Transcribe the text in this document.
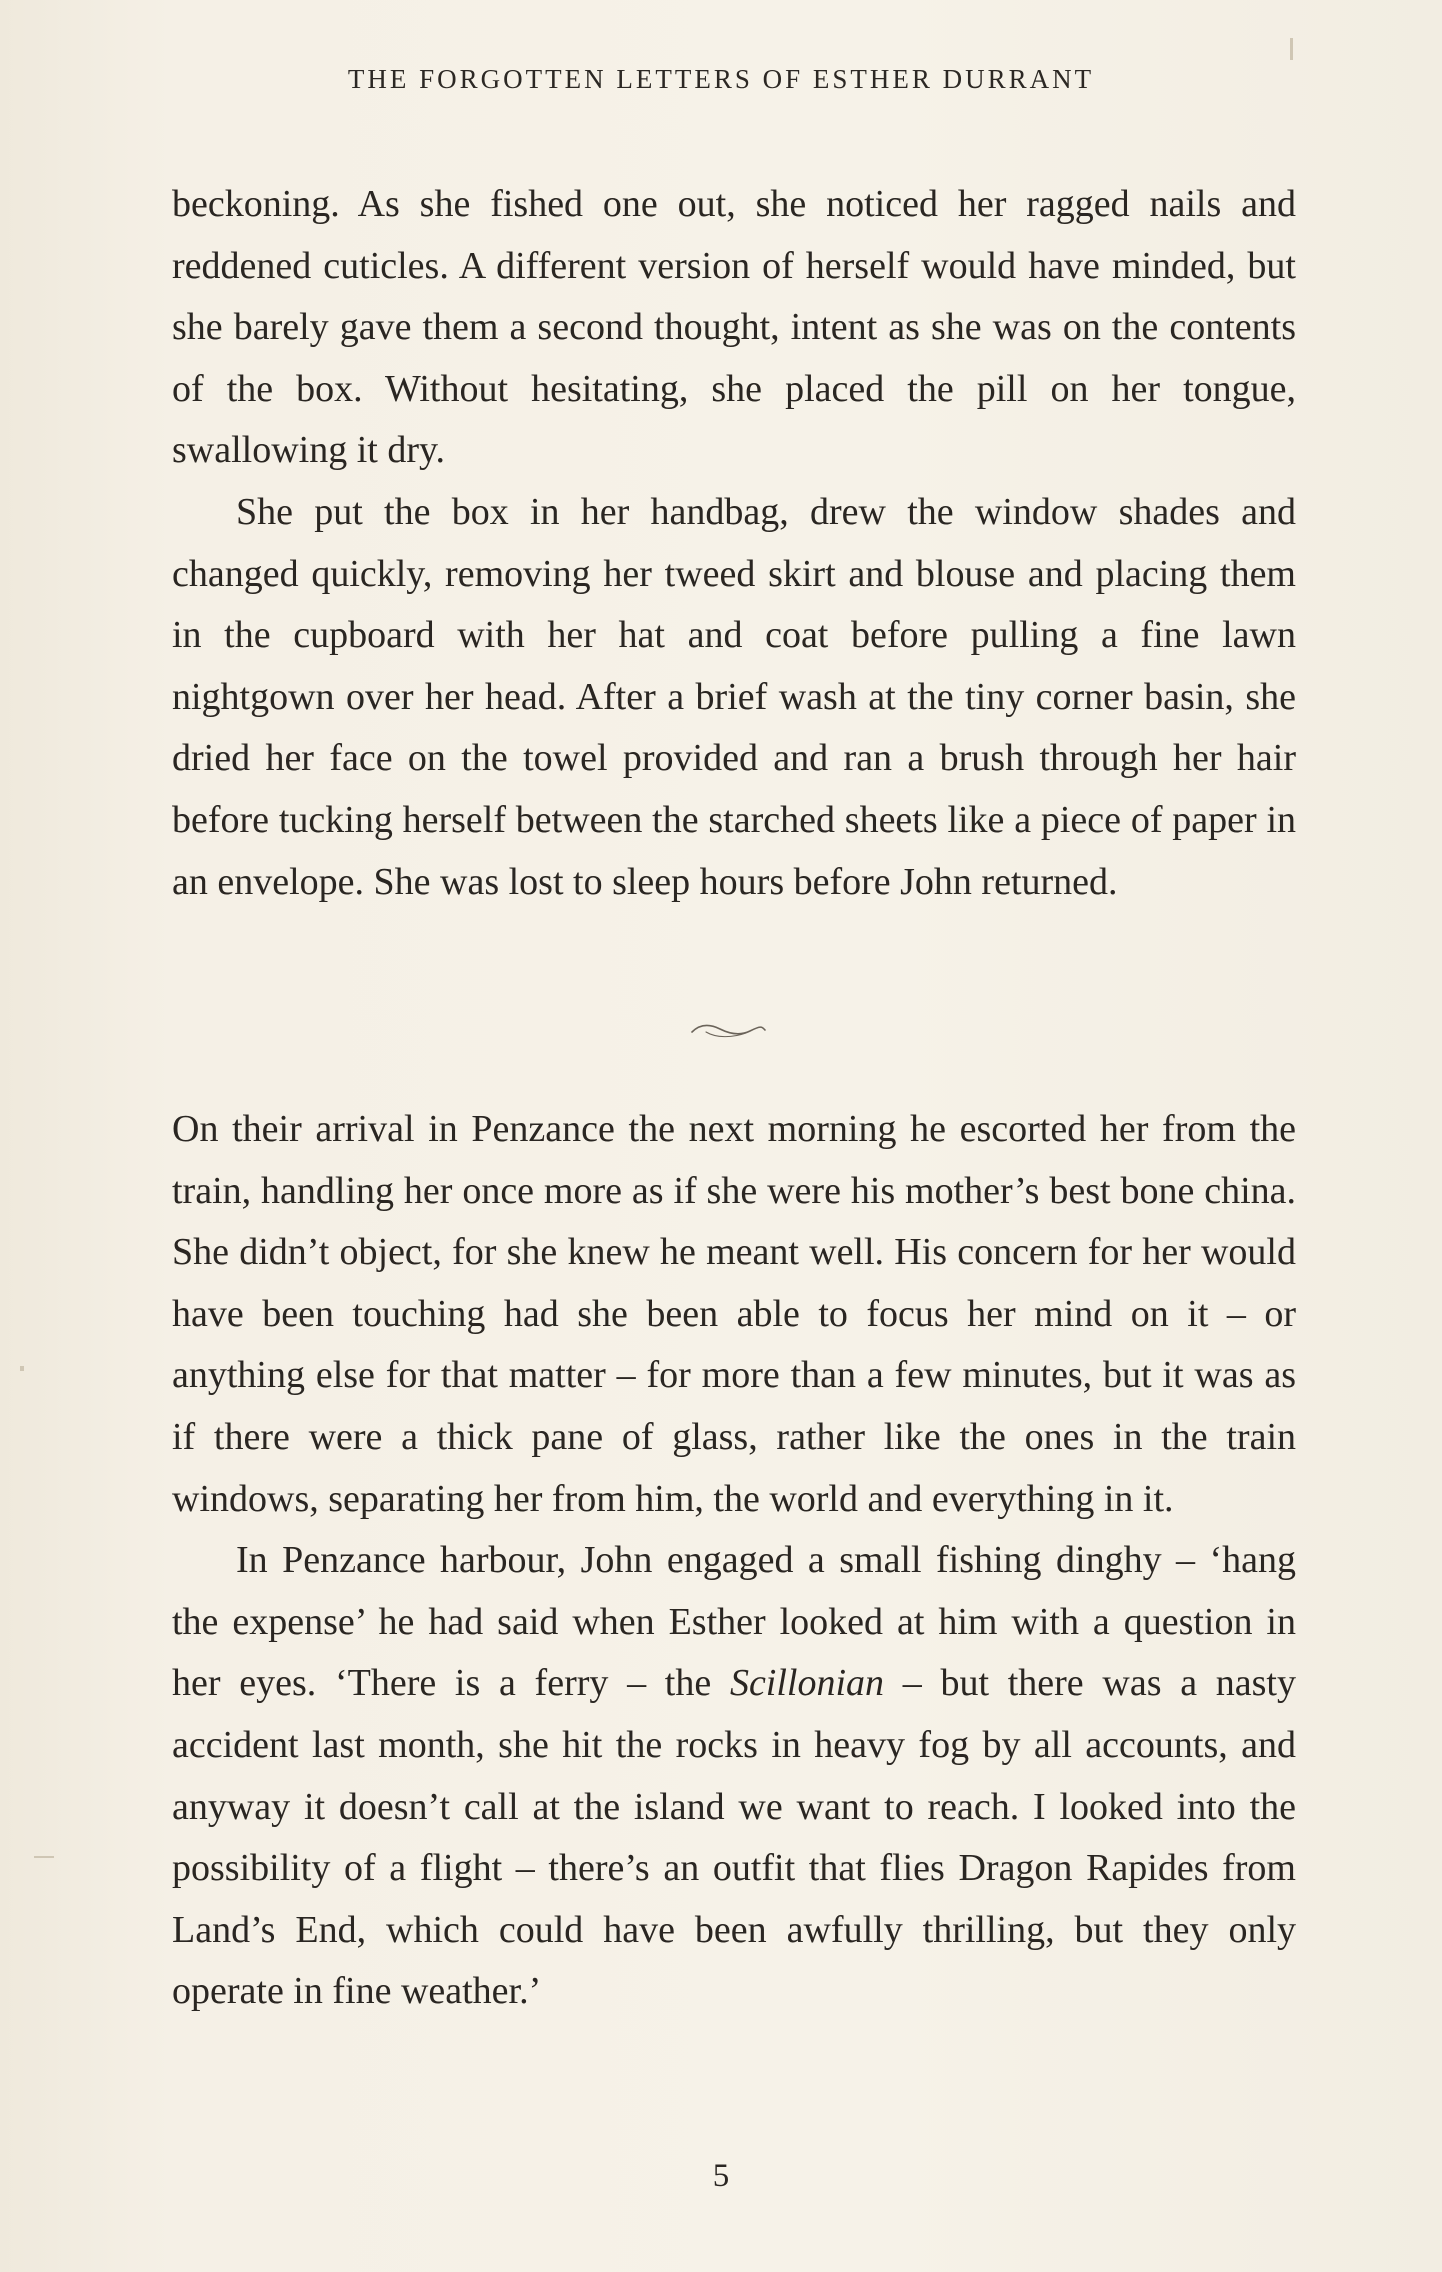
THE FORGOTTEN LETTERS OF ESTHER DURRANT

beckoning. As she fished one out, she noticed her ragged nails and reddened cuticles. A different version of herself would have minded, but she barely gave them a second thought, intent as she was on the contents of the box. Without hesitating, she placed the pill on her tongue, swallowing it dry.

She put the box in her handbag, drew the window shades and changed quickly, removing her tweed skirt and blouse and placing them in the cupboard with her hat and coat before pulling a fine lawn nightgown over her head. After a brief wash at the tiny corner basin, she dried her face on the towel provided and ran a brush through her hair before tucking herself between the starched sheets like a piece of paper in an envelope. She was lost to sleep hours before John returned.

On their arrival in Penzance the next morning he escorted her from the train, handling her once more as if she were his mother’s best bone china. She didn’t object, for she knew he meant well. His concern for her would have been touching had she been able to focus her mind on it – or anything else for that matter – for more than a few minutes, but it was as if there were a thick pane of glass, rather like the ones in the train windows, separating her from him, the world and everything in it.

In Penzance harbour, John engaged a small fishing dinghy – ‘hang the expense’ he had said when Esther looked at him with a question in her eyes. ‘There is a ferry – the Scillonian – but there was a nasty accident last month, she hit the rocks in heavy fog by all accounts, and anyway it doesn’t call at the island we want to reach. I looked into the possibility of a flight – there’s an outfit that flies Dragon Rapides from Land’s End, which could have been awfully thrilling, but they only operate in fine weather.’

5
